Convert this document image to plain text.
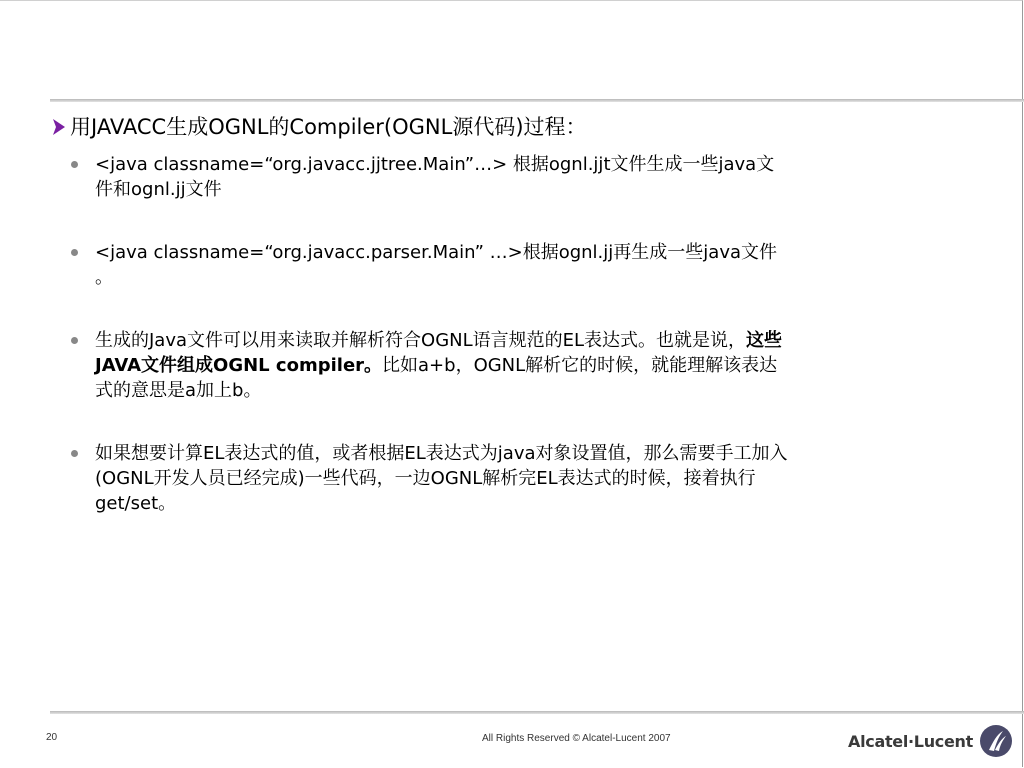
用JAVACC生成OGNL的Compiler(OGNL源代码)过程：
<java classname=“org.javacc.jjtree.Main”…> 根据ognl.jjt文件生成一些java文
件和ognl.jj文件
<java classname=“org.javacc.parser.Main” …>根据ognl.jj再生成一些java文件
。
生成的Java文件可以用来读取并解析符合OGNL语言规范的EL表达式。也就是说，这些
JAVA文件组成OGNL compiler。比如a+b，OGNL解析它的时候，就能理解该表达
式的意思是a加上b。
如果想要计算EL表达式的值，或者根据EL表达式为java对象设置值，那么需要手工加入
(OGNL开发人员已经完成)一些代码，一边OGNL解析完EL表达式的时候，接着执行
get/set。
20	All Rights Reserved © Alcatel-Lucent 2007	Alcatel·Lucent
